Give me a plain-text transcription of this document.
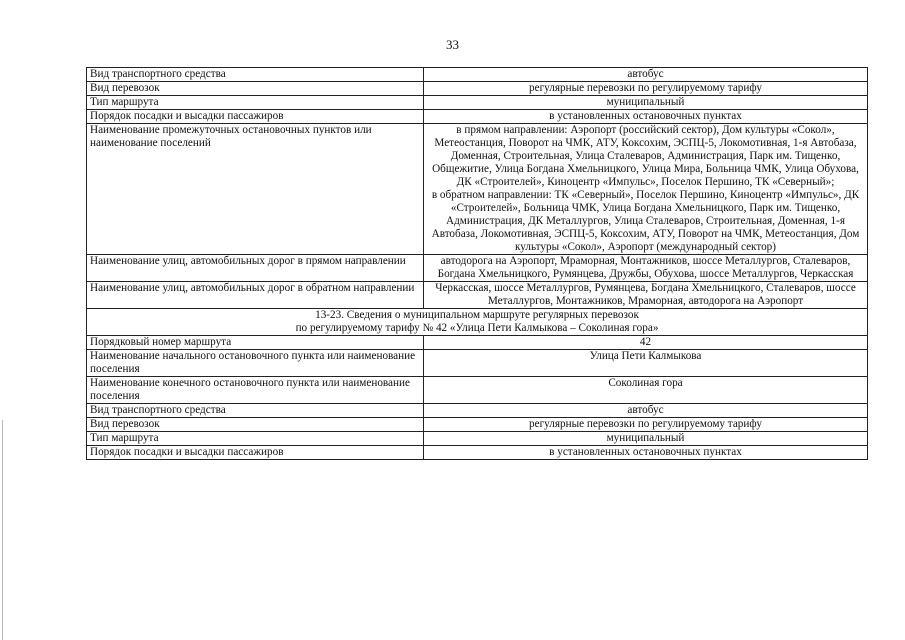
33
Вид транспортного средства	автобус
Вид перевозок	регулярные перевозки по регулируемому тарифу
Тип маршрута	муниципальный
Порядок посадки и высадки пассажиров	в установленных остановочных пунктах
Наименование промежуточных остановочных пунктов или наименование поселений	в прямом направлении: Аэропорт (российский сектор), Дом культуры «Сокол», Метеостанция, Поворот на ЧМК, АТУ, Коксохим, ЭСПЦ-5, Локомотивная, 1-я Автобаза, Доменная, Строительная, Улица Сталеваров, Администрация, Парк им. Тищенко, Общежитие, Улица Богдана Хмельницкого, Улица Мира, Больница ЧМК, Улица Обухова, ДК «Строителей», Киноцентр «Импульс», Поселок Першино, ТК «Северный»;
в обратном направлении: ТК «Северный», Поселок Першино, Киноцентр «Импульс», ДК «Строителей», Больница ЧМК, Улица Богдана Хмельницкого, Парк им. Тищенко, Администрация, ДК Металлургов, Улица Сталеваров, Строительная, Доменная, 1-я Автобаза, Локомотивная, ЭСПЦ-5, Коксохим, АТУ, Поворот на ЧМК, Метеостанция, Дом культуры «Сокол», Аэропорт (международный сектор)

Наименование улиц, автомобильных дорог в прямом направлении	автодорога на Аэропорт, Мраморная, Монтажников, шоссе Металлургов, Сталеваров, Богдана Хмельницкого, Румянцева, Дружбы, Обухова, шоссе Металлургов, Черкасская
Наименование улиц, автомобильных дорог в обратном направлении	Черкасская, шоссе Металлургов, Румянцева, Богдана Хмельницкого, Сталеваров, шоссе Металлургов, Монтажников, Мраморная, автодорога на Аэропорт

13-23. Сведения о муниципальном маршруте регулярных перевозок
по регулируемому тарифу № 42 «Улица Пети Калмыкова – Соколиная гора»	

Порядковый номер маршрута	42
Наименование начального остановочного пункта или наименование поселения	Улица Пети Калмыкова
Наименование конечного остановочного пункта или наименование поселения	Соколиная гора
Вид транспортного средства	автобус
Вид перевозок	регулярные перевозки по регулируемому тарифу
Тип маршрута	муниципальный
Порядок посадки и высадки пассажиров	в установленных остановочных пунктах
